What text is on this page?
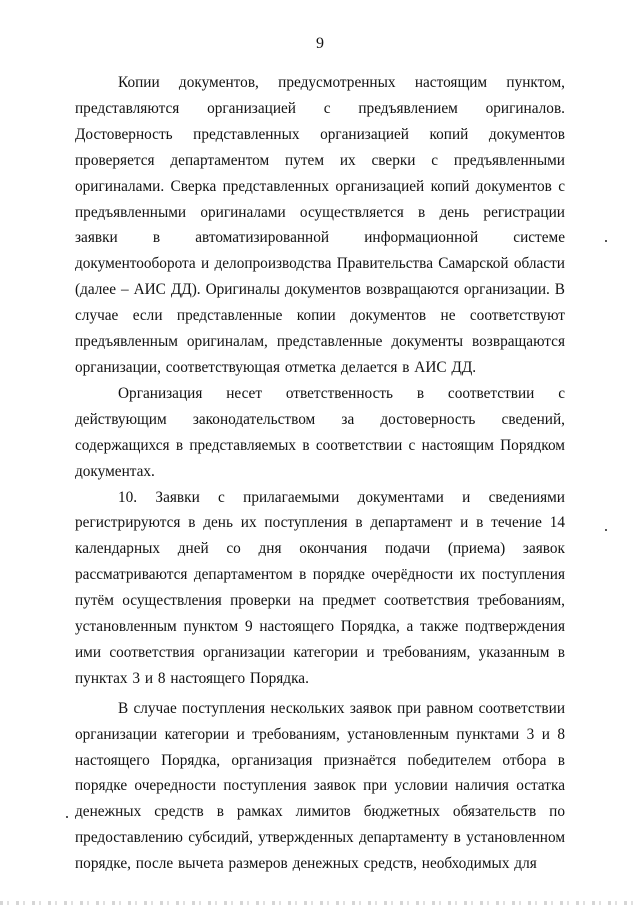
9

Копии документов, предусмотренных настоящим пунктом, представляются организацией с предъявлением оригиналов. Достоверность представленных организацией копий документов проверяется департаментом путем их сверки с предъявленными оригиналами. Сверка представленных организацией копий документов с предъявленными оригиналами осуществляется в день регистрации заявки в автоматизированной информационной системе документооборота и делопроизводства Правительства Самарской области (далее – АИС ДД). Оригиналы документов возвращаются организации. В случае если представленные копии документов не соответствуют предъявленным оригиналам, представленные документы возвращаются организации, соответствующая отметка делается в АИС ДД.

Организация несет ответственность в соответствии с действующим законодательством за достоверность сведений, содержащихся в представляемых в соответствии с настоящим Порядком документах.

10. Заявки с прилагаемыми документами и сведениями регистрируются в день их поступления в департамент и в течение 14 календарных дней со дня окончания подачи (приема) заявок рассматриваются департаментом в порядке очерёдности их поступления путём осуществления проверки на предмет соответствия требованиям, установленным пунктом 9 настоящего Порядка, а также подтверждения ими соответствия организации категории и требованиям, указанным в пунктах 3 и 8 настоящего Порядка.

В случае поступления нескольких заявок при равном соответствии организации категории и требованиям, установленным пунктами 3 и 8 настоящего Порядка, организация признаётся победителем отбора в порядке очередности поступления заявок при условии наличия остатка денежных средств в рамках лимитов бюджетных обязательств по предоставлению субсидий, утвержденных департаменту в установленном порядке, после вычета размеров денежных средств, необходимых для
